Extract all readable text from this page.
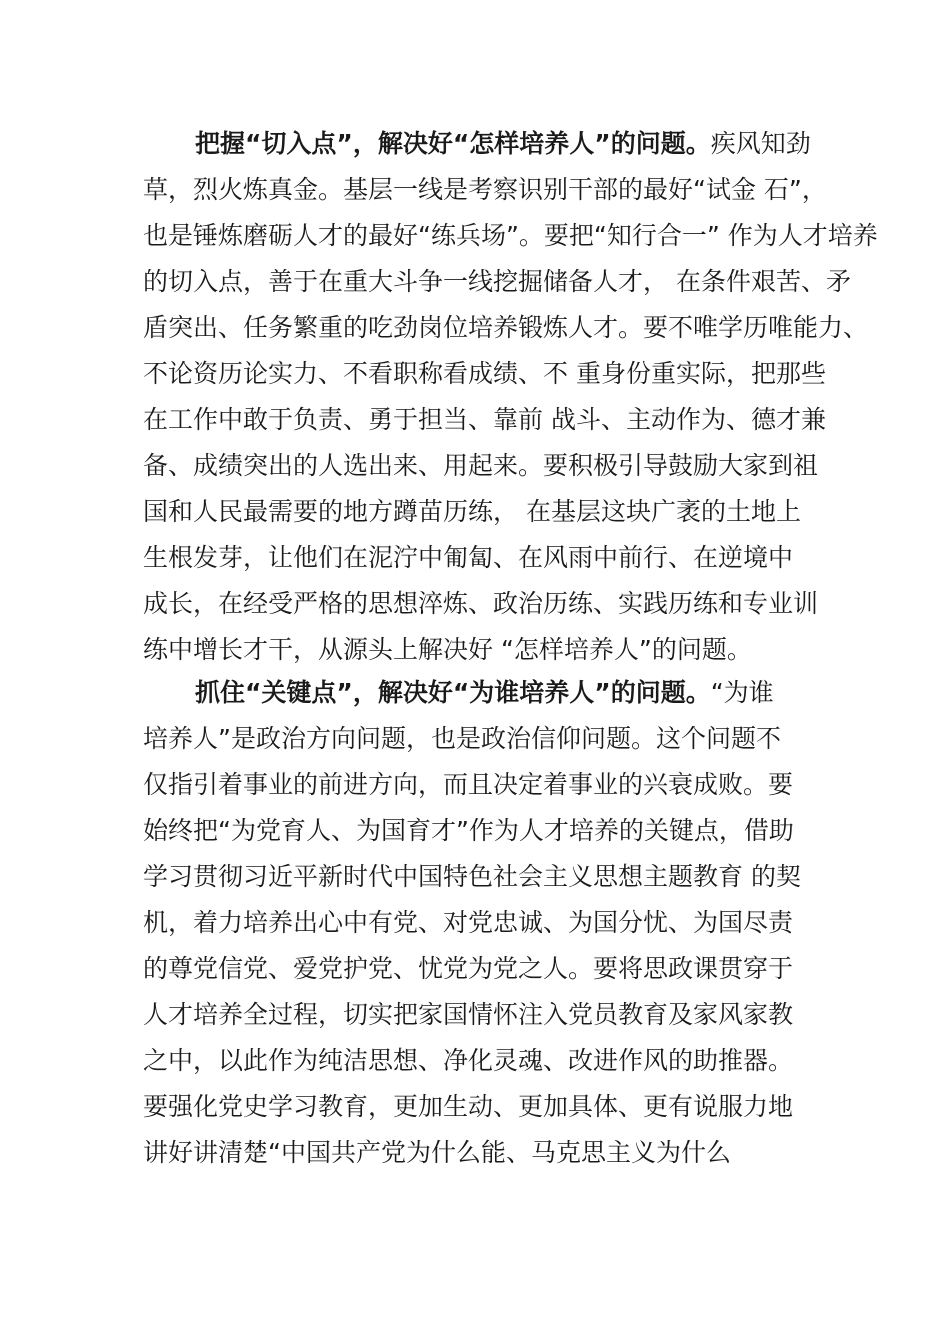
把握“切入点”，解决好“怎样培养人”的问题。疾风知劲
草，烈火炼真金。基层一线是考察识别干部的最好“试金 石”，
也是锤炼磨砺人才的最好“练兵场”。要把“知行合一” 作为人才培养
的切入点，善于在重大斗争一线挖掘储备人才， 在条件艰苦、矛
盾突出、任务繁重的吃劲岗位培养锻炼人才。要不唯学历唯能力、
不论资历论实力、不看职称看成绩、不 重身份重实际，把那些
在工作中敢于负责、勇于担当、靠前 战斗、主动作为、德才兼
备、成绩突出的人选出来、用起来。要积极引导鼓励大家到祖
国和人民最需要的地方蹲苗历练， 在基层这块广袤的土地上
生根发芽，让他们在泥泞中匍匐、在风雨中前行、在逆境中
成长，在经受严格的思想淬炼、政治历练、实践历练和专业训
练中增长才干，从源头上解决好 “怎样培养人”的问题。
抓住“关键点”，解决好“为谁培养人”的问题。“为谁
培养人”是政治方向问题，也是政治信仰问题。这个问题不
仅指引着事业的前进方向，而且决定着事业的兴衰成败。要
始终把“为党育人、为国育才”作为人才培养的关键点，借助
学习贯彻习近平新时代中国特色社会主义思想主题教育 的契
机，着力培养出心中有党、对党忠诚、为国分忧、为国尽责
的尊党信党、爱党护党、忧党为党之人。要将思政课贯穿于
人才培养全过程，切实把家国情怀注入党员教育及家风家教
之中，以此作为纯洁思想、净化灵魂、改进作风的助推器。
要强化党史学习教育，更加生动、更加具体、更有说服力地
讲好讲清楚“中国共产党为什么能、马克思主义为什么
